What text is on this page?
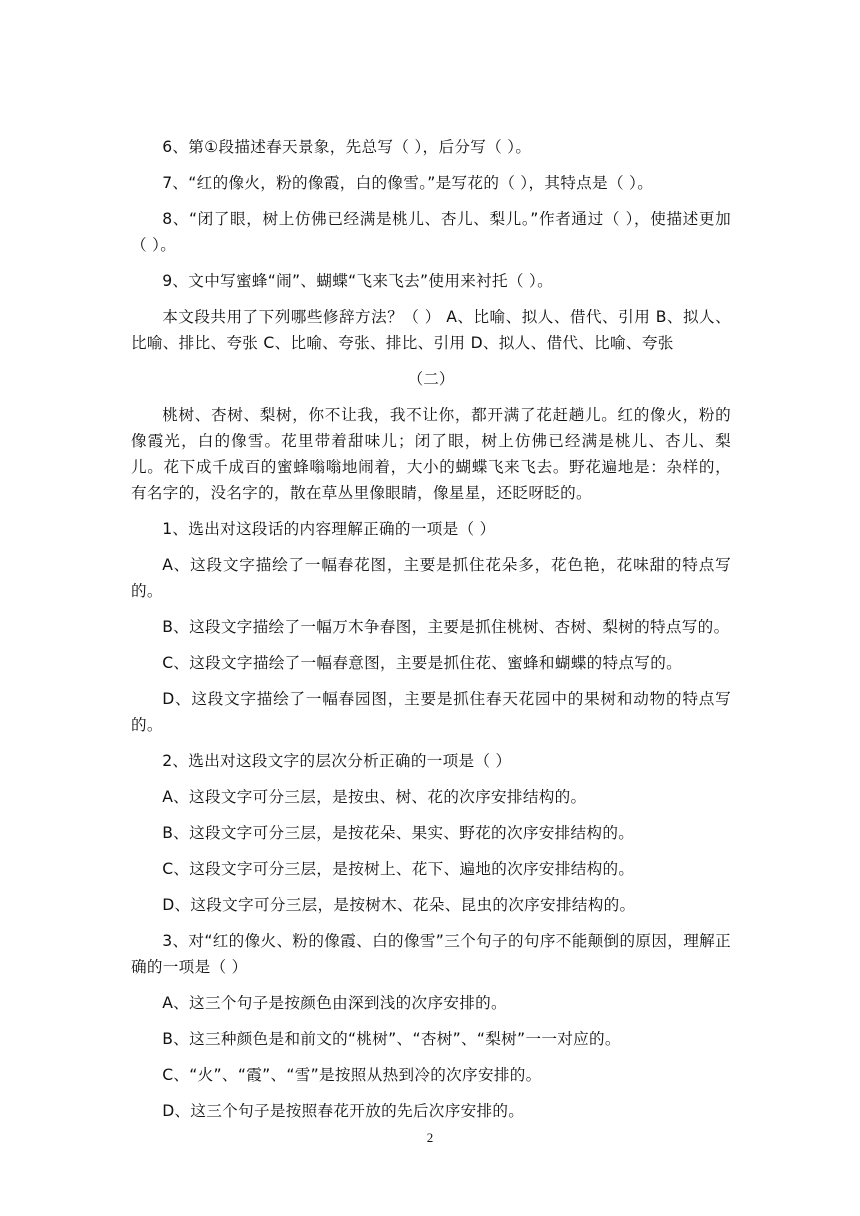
6、第①段描述春天景象，先总写（ ），后分写（ ）。

7、“红的像火，粉的像霞，白的像雪。”是写花的（ ），其特点是（ ）。

8、“闭了眼，树上仿佛已经满是桃儿、杏儿、梨儿。”作者通过（ ），使描述更加（ ）。

9、文中写蜜蜂“闹”、蝴蝶“飞来飞去”使用来衬托（ ）。

本文段共用了下列哪些修辞方法？（ ） A、比喻、拟人、借代、引用 B、拟人、比喻、排比、夸张 C、比喻、夸张、排比、引用 D、拟人、借代、比喻、夸张

（二）

桃树、杏树、梨树，你不让我，我不让你，都开满了花赶趟儿。红的像火，粉的像霞光，白的像雪。花里带着甜味儿；闭了眼，树上仿佛已经满是桃儿、杏儿、梨儿。花下成千成百的蜜蜂嗡嗡地闹着，大小的蝴蝶飞来飞去。野花遍地是：杂样的，有名字的，没名字的，散在草丛里像眼睛，像星星，还眨呀眨的。

1、选出对这段话的内容理解正确的一项是（ ）

A、这段文字描绘了一幅春花图，主要是抓住花朵多，花色艳，花味甜的特点写的。

B、这段文字描绘了一幅万木争春图，主要是抓住桃树、杏树、梨树的特点写的。

C、这段文字描绘了一幅春意图，主要是抓住花、蜜蜂和蝴蝶的特点写的。

D、这段文字描绘了一幅春园图，主要是抓住春天花园中的果树和动物的特点写的。

2、选出对这段文字的层次分析正确的一项是（ ）

A、这段文字可分三层，是按虫、树、花的次序安排结构的。

B、这段文字可分三层，是按花朵、果实、野花的次序安排结构的。

C、这段文字可分三层，是按树上、花下、遍地的次序安排结构的。

D、这段文字可分三层，是按树木、花朵、昆虫的次序安排结构的。

3、对“红的像火、粉的像霞、白的像雪”三个句子的句序不能颠倒的原因，理解正确的一项是（ ）

A、这三个句子是按颜色由深到浅的次序安排的。

B、这三种颜色是和前文的“桃树”、“杏树”、“梨树”一一对应的。

C、“火”、“霞”、“雪”是按照从热到冷的次序安排的。

D、这三个句子是按照春花开放的先后次序安排的。

2
